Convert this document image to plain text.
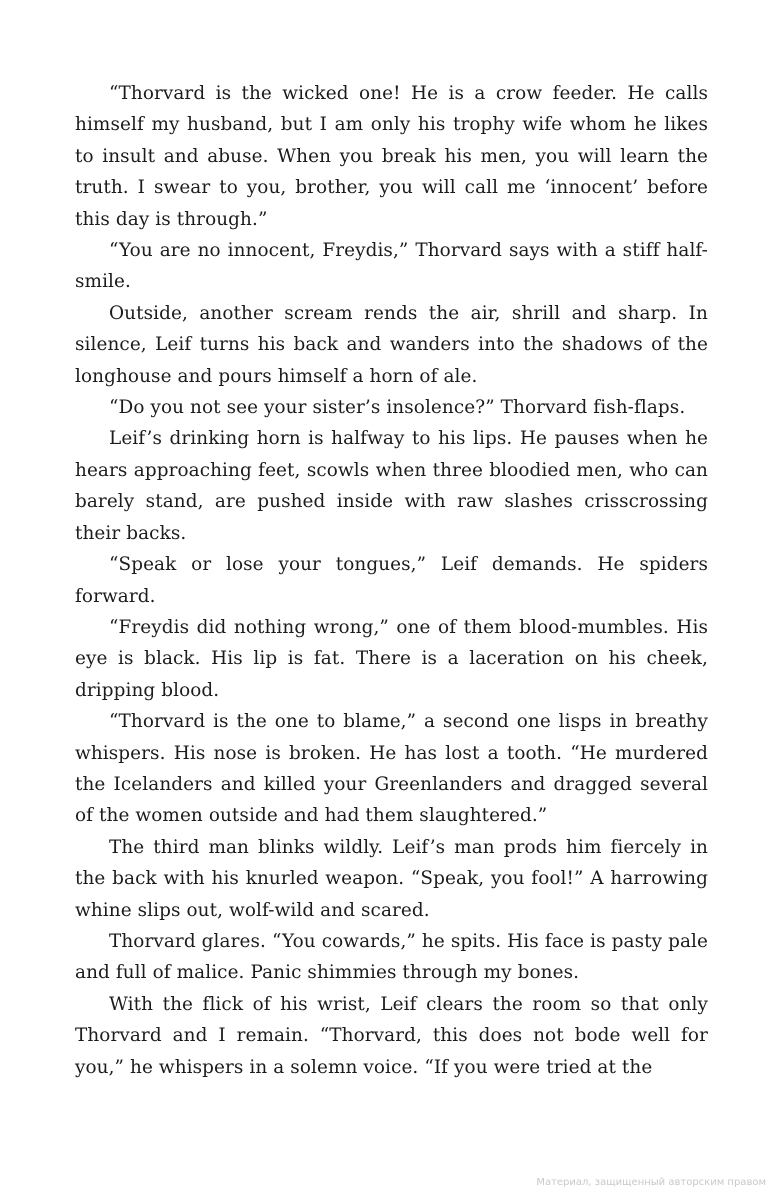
“Thorvard is the wicked one! He is a crow feeder. He calls himself my husband, but I am only his trophy wife whom he likes to insult and abuse. When you break his men, you will learn the truth. I swear to you, brother, you will call me ‘innocent’ before this day is through.”

“You are no innocent, Freydis,” Thorvard says with a stiff half-smile.

Outside, another scream rends the air, shrill and sharp. In silence, Leif turns his back and wanders into the shadows of the longhouse and pours himself a horn of ale.

“Do you not see your sister’s insolence?” Thorvard fish-flaps.

Leif’s drinking horn is halfway to his lips. He pauses when he hears approaching feet, scowls when three bloodied men, who can barely stand, are pushed inside with raw slashes crisscrossing their backs.

“Speak or lose your tongues,” Leif demands. He spiders forward.

“Freydis did nothing wrong,” one of them blood-mumbles. His eye is black. His lip is fat. There is a laceration on his cheek, dripping blood.

“Thorvard is the one to blame,” a second one lisps in breathy whispers. His nose is broken. He has lost a tooth. “He murdered the Icelanders and killed your Greenlanders and dragged several of the women outside and had them slaughtered.”

The third man blinks wildly. Leif’s man prods him fiercely in the back with his knurled weapon. “Speak, you fool!” A harrowing whine slips out, wolf-wild and scared.

Thorvard glares. “You cowards,” he spits. His face is pasty pale and full of malice. Panic shimmies through my bones.

With the flick of his wrist, Leif clears the room so that only Thorvard and I remain. “Thorvard, this does not bode well for you,” he whispers in a solemn voice. “If you were tried at the

Материал, защищенный авторским правом
